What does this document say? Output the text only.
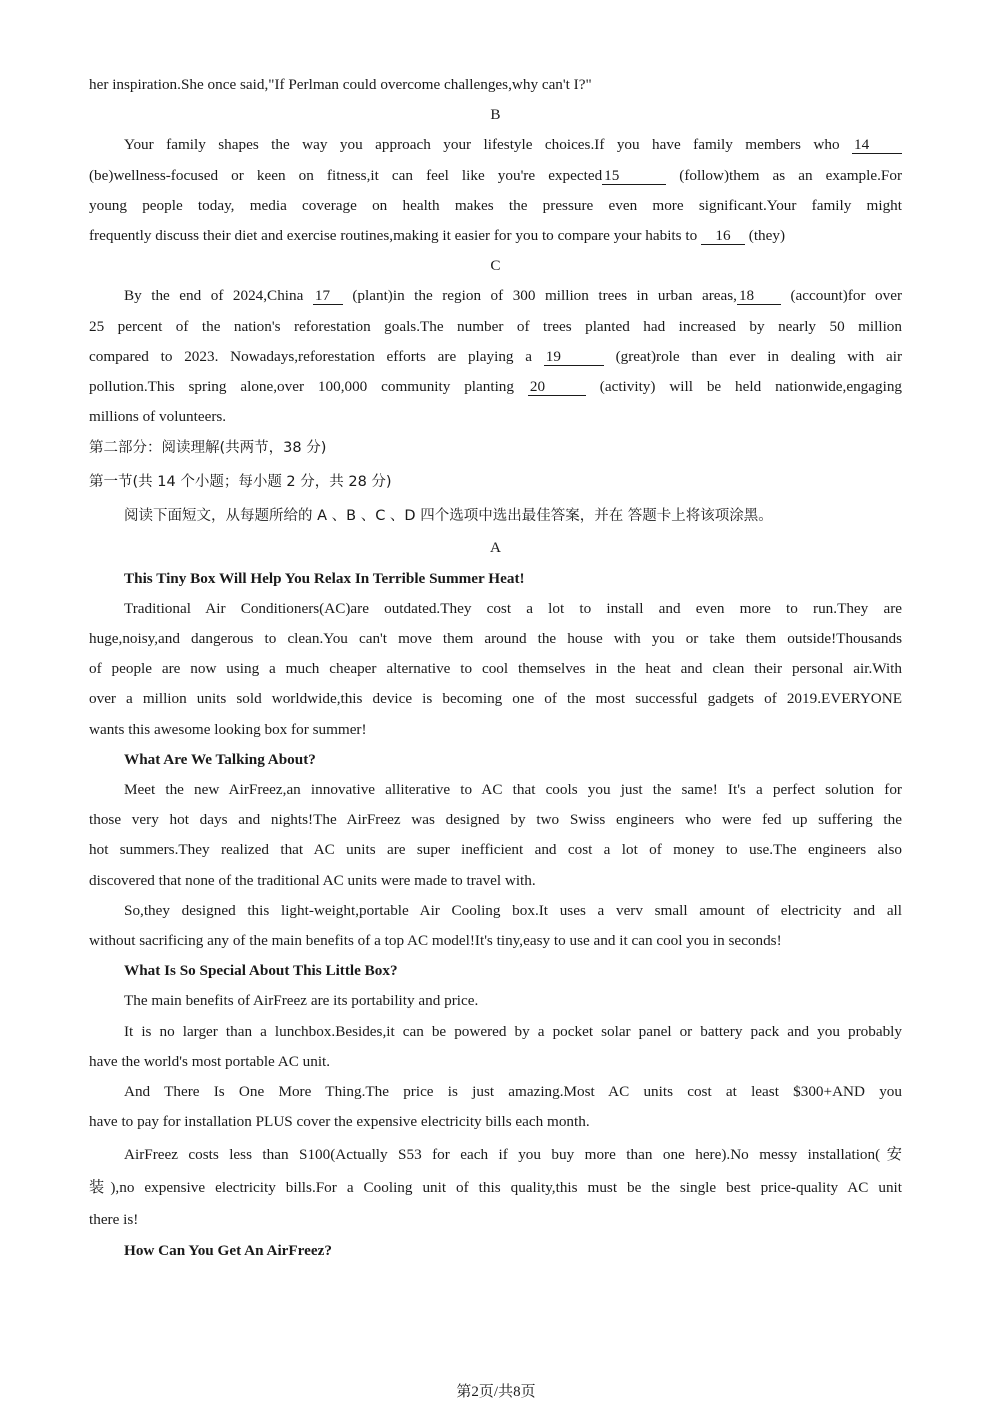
her inspiration.She once said,"If Perlman could overcome challenges,why can't I?"

B

Your family shapes the way you approach your lifestyle choices.If you have family members who 14

(be)wellness-focused or keen on fitness,it can feel like you're expected 15	(follow)them as an example.For

young people today, media coverage on health makes the pressure even more significant.Your family might

frequently discuss their diet and exercise routines,making it easier for you to compare your habits to 16 (they)

C

By the end of 2024,China 17 (plant)in the region of 300 million trees in urban areas, 18 (account)for over

25 percent of the nation's reforestation goals.The number of trees planted had increased by nearly 50 million

compared to 2023. Nowadays,reforestation efforts are playing a 19	(great)role than ever in dealing with air

pollution.This spring alone,over 100,000 community planting 20	(activity) will be held nationwide,engaging

millions of volunteers.

第二部分：阅读理解(共两节，38 分)

第一节(共 14 个小题；每小题 2 分，共 28 分)

阅读下面短文，从每题所给的 A 、B 、C 、D 四个选项中选出最佳答案，并在 答题卡上将该项涂黑。

A

This Tiny Box Will Help You Relax In Terrible Summer Heat!

Traditional Air Conditioners(AC)are outdated.They cost a lot to install and even more to run.They are

huge,noisy,and dangerous to clean.You can't move them around the house with you or take them outside!Thousands

of people are now using a much cheaper alternative to cool themselves in the heat and clean their personal air.With

over a million units sold worldwide,this device is becoming one of the most successful gadgets of 2019.EVERYONE

wants this awesome looking box for summer!

What Are We Talking About?

Meet the new AirFreez,an innovative alliterative to AC that cools you just the same! It's a perfect solution for

those very hot days and nights!The AirFreez was designed by two Swiss engineers who were fed up suffering the

hot summers.They realized that AC units are super inefficient and cost a lot of money to use.The engineers also

discovered that none of the traditional AC units were made to travel with.

So,they designed this light-weight,portable Air Cooling box.It uses a verv small amount of electricity and all

without sacrificing any of the main benefits of a top AC model!It's tiny,easy to use and it can cool you in seconds!

What Is So Special About This Little Box?

The main benefits of AirFreez are its portability and price.

It is no larger than a lunchbox.Besides,it can be powered by a pocket solar panel or battery pack and you probably

have the world's most portable AC unit.

And There Is One More Thing.The price is just amazing.Most AC units cost at least $300+AND you

have to pay for installation PLUS cover the expensive electricity bills each month.

AirFreez costs less than S100(Actually S53 for each if you buy more than one here).No messy installation(安

装),no expensive electricity bills.For a Cooling unit of this quality,this must be the single best price-quality AC unit

there is!

How Can You Get An AirFreez?

第2页/共8页
